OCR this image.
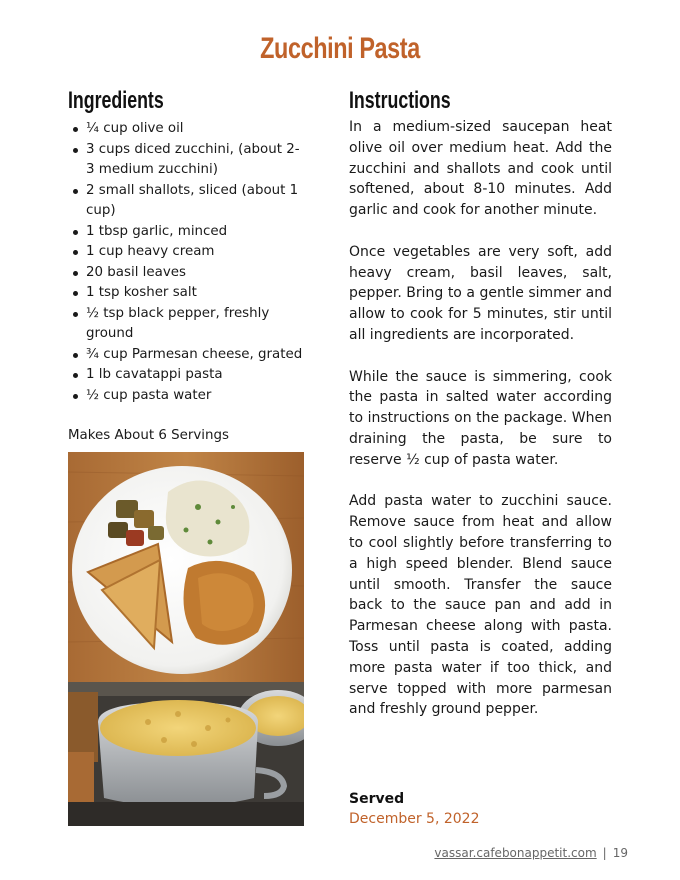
Zucchini Pasta
Ingredients
¼ cup olive oil
3 cups diced zucchini, (about 2-3 medium zucchini)
2 small shallots, sliced (about 1 cup)
1 tbsp garlic, minced
1 cup heavy cream
20 basil leaves
1 tsp kosher salt
½ tsp black pepper, freshly ground
¾ cup Parmesan cheese, grated
1 lb cavatappi pasta
½ cup pasta water
Makes About 6 Servings
Instructions

In a medium-sized saucepan heat olive oil over medium heat. Add the zucchini and shallots and cook until softened, about 8-10 minutes. Add garlic and cook for another minute.

Once vegetables are very soft, add heavy cream, basil leaves, salt, pepper. Bring to a gentle simmer and allow to cook for 5 minutes, stir until all ingredients are incorporated.

While the sauce is simmering, cook the pasta in salted water according to instructions on the package. When draining the pasta, be sure to reserve ½ cup of pasta water.

Add pasta water to zucchini sauce. Remove sauce from heat and allow to cool slightly before transferring to a high speed blender. Blend sauce until smooth. Transfer the sauce back to the sauce pan and add in Parmesan cheese along with pasta. Toss until pasta is coated, adding more pasta water if too thick, and serve topped with more parmesan and freshly ground pepper.

Served
December 5, 2022
vassar.cafebonappetit.com | 19
